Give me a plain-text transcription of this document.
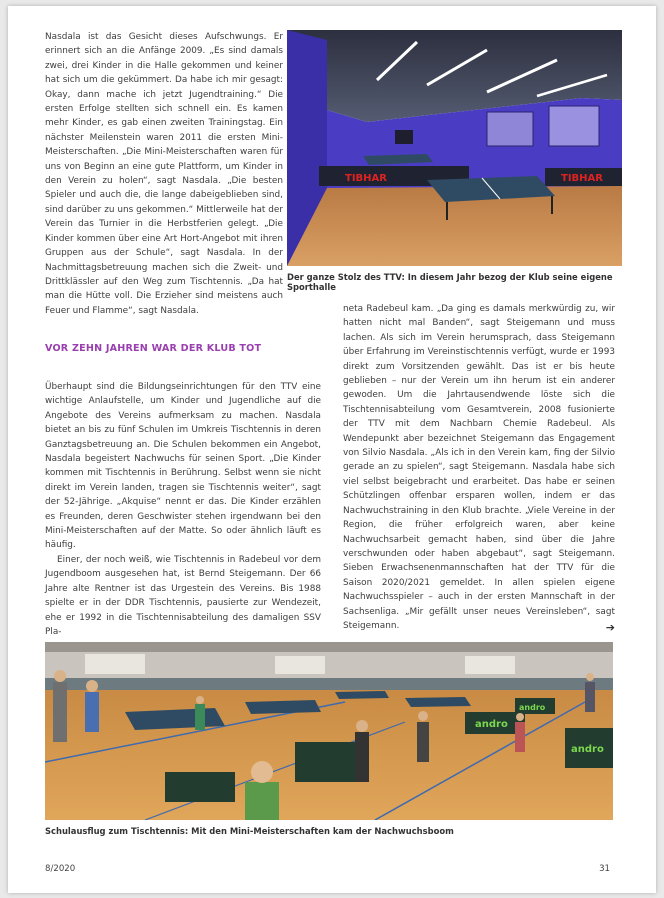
Nasdala ist das Gesicht dieses Aufschwungs. Er erinnert sich an die Anfänge 2009. „Es sind damals zwei, drei Kinder in die Halle gekommen und keiner hat sich um die gekümmert. Da habe ich mir gesagt: Okay, dann mache ich jetzt Jugendtraining.“ Die ersten Erfolge stellten sich schnell ein. Es kamen mehr Kinder, es gab einen zweiten Trainingstag. Ein nächster Meilenstein waren 2011 die ersten Mini-Meisterschaften. „Die Mini-Meisterschaften waren für uns von Beginn an eine gute Plattform, um Kinder in den Verein zu holen“, sagt Nasdala. „Die besten Spieler und auch die, die lange dabeigeblieben sind, sind darüber zu uns gekommen.“ Mittlerweile hat der Verein das Turnier in die Herbstferien gelegt. „Die Kinder kommen über eine Art Hort-Angebot mit ihren Gruppen aus der Schule“, sagt Nasdala. In der Nachmittagsbetreuung machen sich die Zweit- und Drittklässler auf den Weg zum Tischtennis. „Da hat man die Hütte voll. Die Erzieher sind meistens auch Feuer und Flamme“, sagt Nasdala.

TIBHAR	TIBHAR
Der ganze Stolz des TTV: In diesem Jahr bezog der Klub seine eigene Sporthalle

VOR ZEHN JAHREN WAR DER KLUB TOT

Überhaupt sind die Bildungseinrichtungen für den TTV eine wichtige Anlaufstelle, um Kinder und Jugendliche auf die Angebote des Vereins aufmerksam zu machen. Nasdala bietet an bis zu fünf Schulen im Umkreis Tischtennis in deren Ganztagsbetreuung an. Die Schulen bekommen ein Angebot, Nasdala begeistert Nachwuchs für seinen Sport. „Die Kinder kommen mit Tischtennis in Berührung. Selbst wenn sie nicht direkt im Verein landen, tragen sie Tischtennis weiter“, sagt der 52-Jährige. „Akquise“ nennt er das. Die Kinder erzählen es Freunden, deren Geschwister stehen irgendwann bei den Mini-Meisterschaften auf der Matte. So oder ähnlich läuft es häufig.

Einer, der noch weiß, wie Tischtennis in Radebeul vor dem Jugendboom ausgesehen hat, ist Bernd Steigemann. Der 66 Jahre alte Rentner ist das Urgestein des Vereins. Bis 1988 spielte er in der DDR Tischtennis, pausierte zur Wendezeit, ehe er 1992 in die Tischtennisabteilung des damaligen SSV Pla-

neta Radebeul kam. „Da ging es damals merkwürdig zu, wir hatten nicht mal Banden“, sagt Steigemann und muss lachen. Als sich im Verein herumsprach, dass Steigemann über Erfahrung im Vereinstischtennis verfügt, wurde er 1993 direkt zum Vorsitzenden gewählt. Das ist er bis heute geblieben – nur der Verein um ihn herum ist ein anderer gewoden. Um die Jahrtausendwende löste sich die Tischtennisabteilung vom Gesamtverein, 2008 fusionierte der TTV mit dem Nachbarn Chemie Radebeul. Als Wendepunkt aber bezeichnet Steigemann das Engagement von Silvio Nasdala. „Als ich in den Verein kam, fing der Silvio gerade an zu spielen“, sagt Steigemann. Nasdala habe sich viel selbst beigebracht und erarbeitet. Das habe er seinen Schützlingen offenbar ersparen wollen, indem er das Nachwuchstraining in den Klub brachte. „Viele Vereine in der Region, die früher erfolgreich waren, aber keine Nachwuchsarbeit gemacht haben, sind über die Jahre verschwunden oder haben abgebaut“, sagt Steigemann. Sieben Erwachsenenmannschaften hat der TTV für die Saison 2020/2021 gemeldet. In allen spielen eigene Nachwuchsspieler – auch in der ersten Mannschaft in der Sachsenliga. „Mir gefällt unser neues Vereinsleben“, sagt Steigemann.	➔
andro
andro
andro
Schulausflug zum Tischtennis: Mit den Mini-Meisterschaften kam der Nachwuchsboom
8/2020	31
